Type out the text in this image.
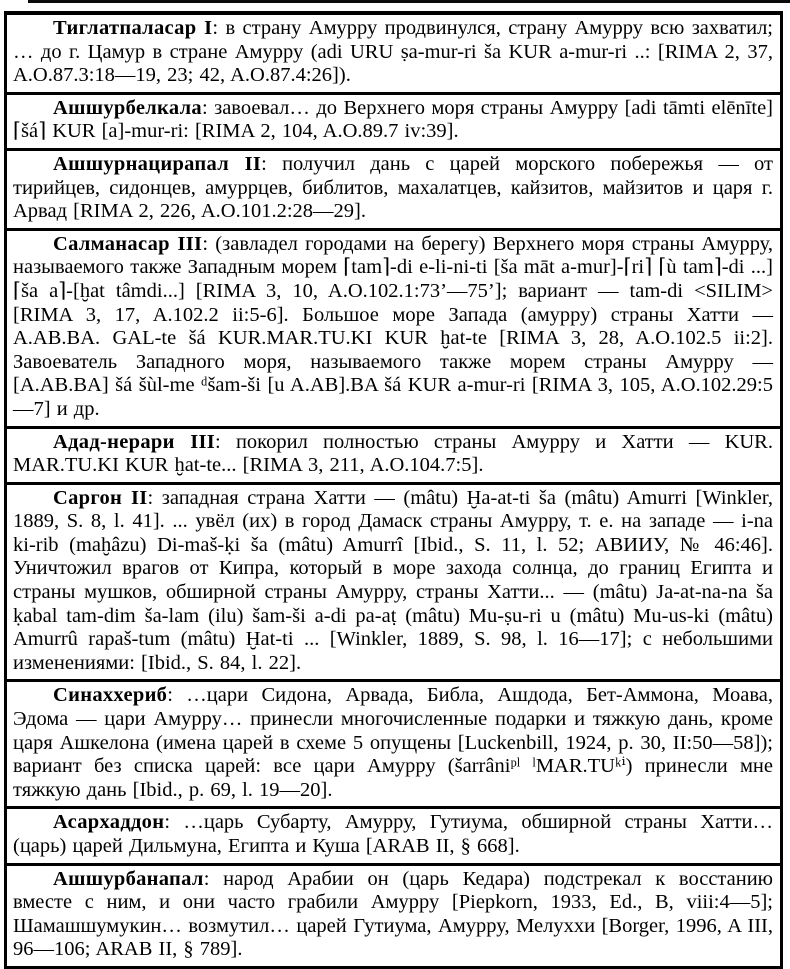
Тиглатпаласар I: в страну Амурру продвинулся, страну Амурру всю захватил; … до г. Цамур в стране Амурру (adi URU ṣa-mur-ri ša KUR a-mur-ri ..: [RIMA 2, 37, A.O.87.3:18—19, 23; 42, A.O.87.4:26]).

Ашшурбелкала: завоевал… до Верхнего моря страны Амурру [adi tāmti elēnīte] ⌈šá⌉ KUR [a]-mur-ri: [RIMA 2, 104, A.O.89.7 iv:39].

Ашшурнацирапал II: получил дань с царей морского побережья — от тирийцев, сидонцев, амуррцев, библитов, махалатцев, кайзитов, майзитов и царя г. Арвад [RIMA 2, 226, A.O.101.2:28—29].

Салманасар III: (завладел городами на берегу) Верхнего моря страны Амурру, называемого также Западным морем ⌈tam⌉-di e-li-ni-ti [ša māt a-mur]-⌈ri⌉ ⌈ù tam⌉-di ...] ⌈ša a⌉-[ḫat tâmdi...] [RIMA 3, 10, A.O.102.1:73’—75’]; вариант — tam-di <SILIM> [RIMA 3, 17, A.102.2 ii:5-6]. Большое море Запада (амурру) страны Хатти — A.AB.BA. GAL-te šá KUR.MAR.TU.KI KUR ḫat-te [RIMA 3, 28, A.O.102.5 ii:2]. Завоеватель Западного моря, называемого также морем страны Амурру — [A.AB.BA] šá šùl-me ᵈšam-ši [u A.AB].BA šá KUR a-mur-ri [RIMA 3, 105, A.O.102.29:5—7] и др.

Адад-нерари III: покорил полностью страны Амурру и Хатти — KUR. MAR.TU.KI KUR ḫat-te... [RIMA 3, 211, A.O.104.7:5].

Саргон II: западная страна Хатти — (mâtu) Ḫa-at-ti ša (mâtu) Amurri [Winkler, 1889, S. 8, l. 41]. ... увёл (их) в город Дамаск страны Амурру, т. е. на западе — i-na ki-rib (maḫâzu) Di-maš-ḳi ša (mâtu) Amurrî [Ibid., S. 11, l. 52; АВИИУ, № 46:46]. Уничтожил врагов от Кипра, который в море захода солнца, до границ Египта и страны мушков, обширной страны Амурру, страны Хатти... — (mâtu) Ja-at-na-na ša ḳabal tam-dim ša-lam (ilu) šam-ši a-di pa-aṭ (mâtu) Mu-ṣu-ri u (mâtu) Mu-us-ki (mâtu) Amurrû rapaš-tum (mâtu) Ḫat-ti ... [Winkler, 1889, S. 98, l. 16—17]; с небольшими изменениями: [Ibid., S. 84, l. 22].

Синаххериб: …цари Сидона, Арвада, Библа, Ашдода, Бет-Аммона, Моава, Эдома — цари Амурру… принесли многочисленные подарки и тяжкую дань, кроме царя Ашкелона (имена царей в схеме 5 опущены [Luckenbill, 1924, p. 30, II:50—58]); вариант без списка царей: все цари Амурру (šarrâniᵖˡ ˡMAR.TUᵏⁱ) принесли мне тяжкую дань [Ibid., p. 69, l. 19—20].

Асархаддон: …царь Субарту, Амурру, Гутиума, обширной страны Хатти… (царь) царей Дильмуна, Египта и Куша [ARAB II, § 668].

Ашшурбанапал: народ Арабии он (царь Кедара) подстрекал к восстанию вместе с ним, и они часто грабили Амурру [Piepkorn, 1933, Ed., B, viii:4—5]; Шамашшумукин… возмутил… царей Гутиума, Амурру, Мелуххи [Borger, 1996, A III, 96—106; ARAB II, § 789].
